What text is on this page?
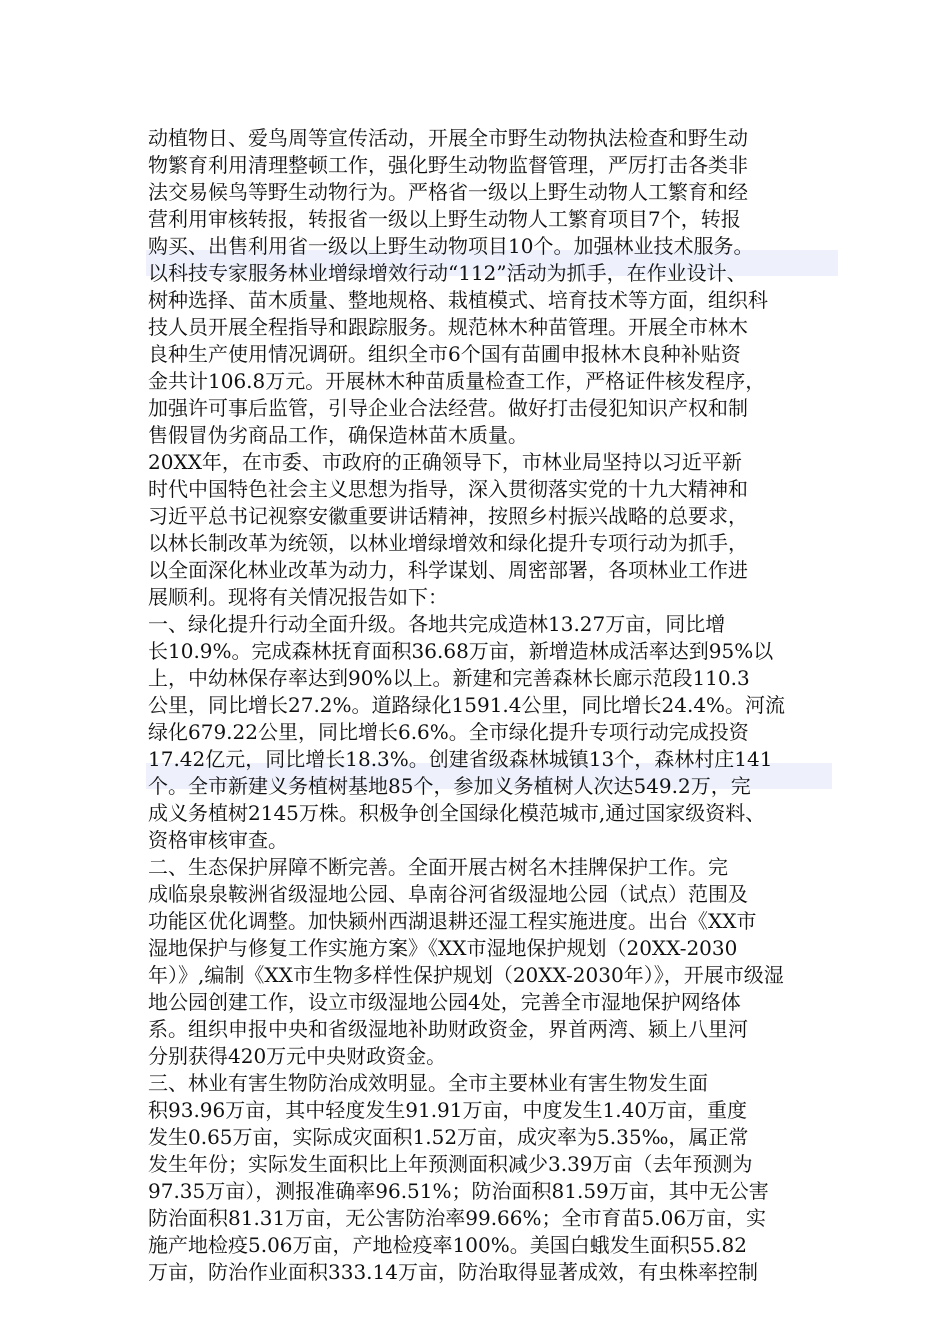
动植物日、爱鸟周等宣传活动，开展全市野生动物执法检查和野生动
物繁育利用清理整顿工作，强化野生动物监督管理，严厉打击各类非
法交易候鸟等野生动物行为。严格省一级以上野生动物人工繁育和经
营利用审核转报，转报省一级以上野生动物人工繁育项目7个，转报
购买、出售利用省一级以上野生动物项目10个。加强林业技术服务。
以科技专家服务林业增绿增效行动“112”活动为抓手，在作业设计、
树种选择、苗木质量、整地规格、栽植模式、培育技术等方面，组织科
技人员开展全程指导和跟踪服务。规范林木种苗管理。开展全市林木
良种生产使用情况调研。组织全市6个国有苗圃申报林木良种补贴资
金共计106.8万元。开展林木种苗质量检查工作，严格证件核发程序，
加强许可事后监管，引导企业合法经营。做好打击侵犯知识产权和制
售假冒伪劣商品工作，确保造林苗木质量。
20XX年，在市委、市政府的正确领导下，市林业局坚持以习近平新
时代中国特色社会主义思想为指导，深入贯彻落实党的十九大精神和
习近平总书记视察安徽重要讲话精神，按照乡村振兴战略的总要求，
以林长制改革为统领，以林业增绿增效和绿化提升专项行动为抓手，
以全面深化林业改革为动力，科学谋划、周密部署，各项林业工作进
展顺利。现将有关情况报告如下：
一、绿化提升行动全面升级。各地共完成造林13.27万亩，同比增
长10.9%。完成森林抚育面积36.68万亩，新增造林成活率达到95%以
上，中幼林保存率达到90%以上。新建和完善森林长廊示范段110.3
公里，同比增长27.2%。道路绿化1591.4公里，同比增长24.4%。河流
绿化679.22公里，同比增长6.6%。全市绿化提升专项行动完成投资
17.42亿元，同比增长18.3%。创建省级森林城镇13个，森林村庄141
个。全市新建义务植树基地85个，参加义务植树人次达549.2万，完
成义务植树2145万株。积极争创全国绿化模范城市,通过国家级资料、
资格审核审查。
二、生态保护屏障不断完善。全面开展古树名木挂牌保护工作。完
成临泉泉鞍洲省级湿地公园、阜南谷河省级湿地公园（试点）范围及
功能区优化调整。加快颍州西湖退耕还湿工程实施进度。出台《XX市
湿地保护与修复工作实施方案》《XX市湿地保护规划（20XX-2030
年）》,编制《XX市生物多样性保护规划（20XX-2030年）》，开展市级湿
地公园创建工作，设立市级湿地公园4处，完善全市湿地保护网络体
系。组织申报中央和省级湿地补助财政资金，界首两湾、颍上八里河
分别获得420万元中央财政资金。
三、林业有害生物防治成效明显。全市主要林业有害生物发生面
积93.96万亩，其中轻度发生91.91万亩，中度发生1.40万亩，重度
发生0.65万亩，实际成灾面积1.52万亩，成灾率为5.35‰，属正常
发生年份；实际发生面积比上年预测面积减少3.39万亩（去年预测为
97.35万亩），测报准确率96.51%；防治面积81.59万亩，其中无公害
防治面积81.31万亩，无公害防治率99.66%；全市育苗5.06万亩，实
施产地检疫5.06万亩，产地检疫率100%。美国白蛾发生面积55.82
万亩，防治作业面积333.14万亩，防治取得显著成效，有虫株率控制
